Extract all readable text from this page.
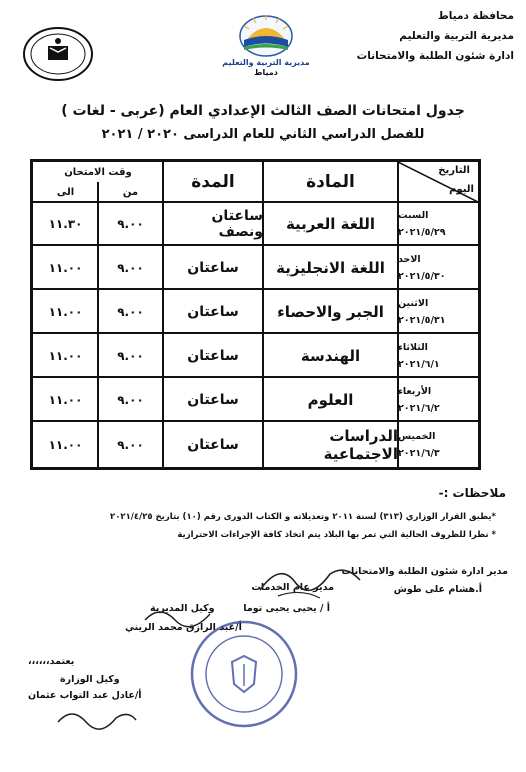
محافظة دمياط
مديرية التربية والتعليم
ادارة شئون الطلبة والامتحانات
مديرية التربية والتعليم
دمياط
جدول امتحانات الصف الثالث الإعدادي العام (عربى - لغات )
للفصل الدراسي الثاني للعام الدراسى ٢٠٢٠ / ٢٠٢١
التاريخ
اليوم
المادة
المدة
وقت الامتحان
من
الى
السبت
٢٠٢١/٥/٢٩
اللغة العربية
ساعتان ونصف
٩.٠٠
١١.٣٠
الاحد
٢٠٢١/٥/٣٠
اللغة الانجليزية
ساعتان
٩.٠٠
١١.٠٠
الاثنين
٢٠٢١/٥/٣١
الجبر والاحصاء
ساعتان
٩.٠٠
١١.٠٠
الثلاثاء
٢٠٢١/٦/١
الهندسة
ساعتان
٩.٠٠
١١.٠٠
الأربعاء
٢٠٢١/٦/٢
العلوم
ساعتان
٩.٠٠
١١.٠٠
الخميس
٢٠٢١/٦/٣
الدراسات الاجتماعية
ساعتان
٩.٠٠
١١.٠٠
ملاحظات :-
*يطبق القرار الوزاري (٣١٣) لسنة ٢٠١١ وتعديلاته و الكتاب الدورى رقم (١٠) بتاريخ ٢٠٢١/٤/٢٥
* نظرا للظروف الحالية التي تمر بها البلاد يتم اتخاذ كافة الإجراءات الاحترازية
مدير ادارة شئون الطلبة والامتحانات
أ.هشام على طوش
مدير عام الخدمات
أ / يحيى يحيى توما
وكيل المديرية
أ/عبد الرازق محمد الريني
يعتمد،،،،،،
وكيل الوزارة
أ/عادل عبد التواب عثمان
